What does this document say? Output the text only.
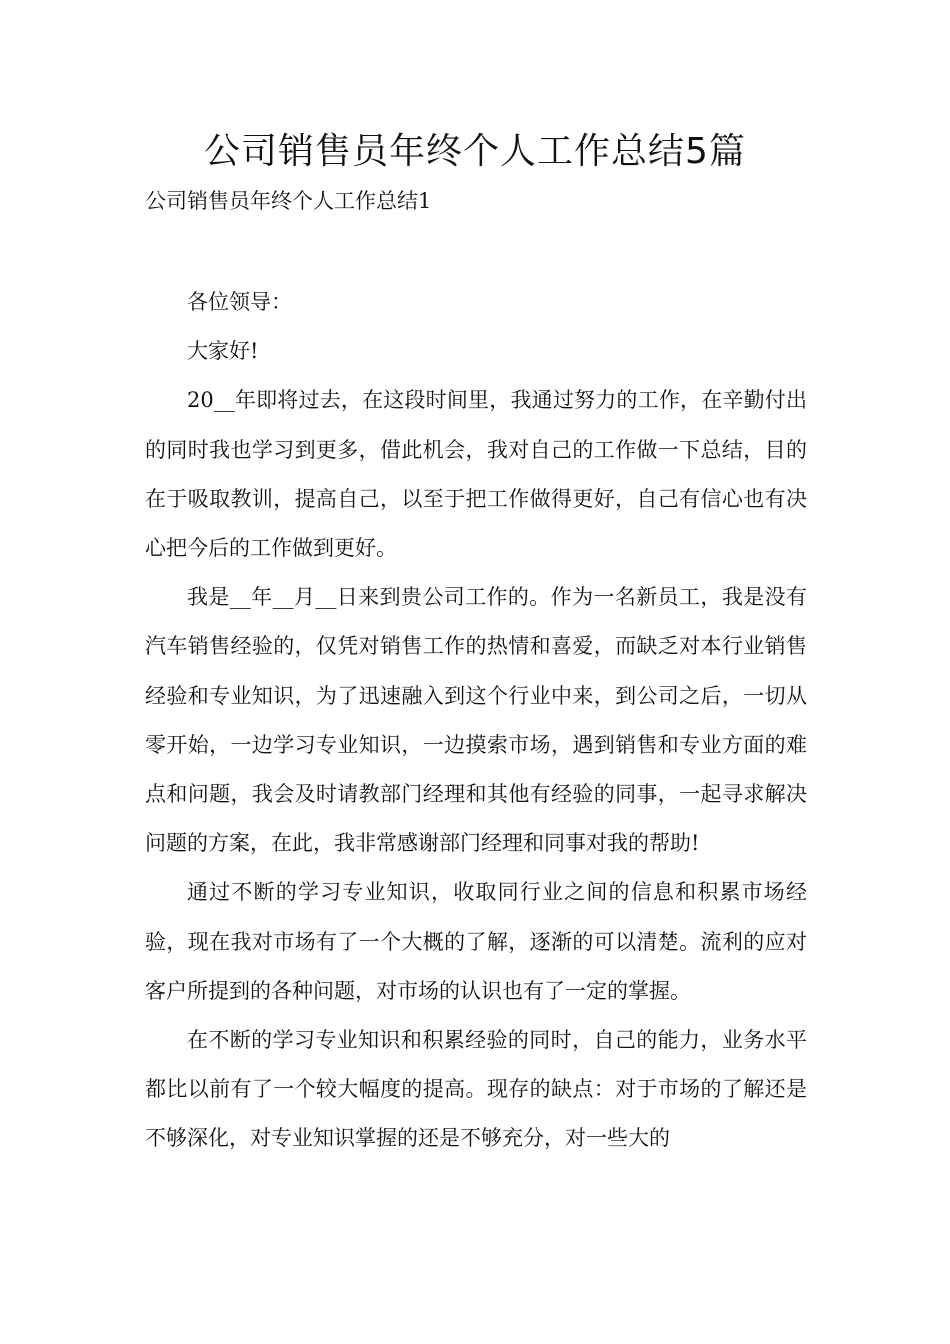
公司销售员年终个人工作总结5篇
公司销售员年终个人工作总结1

各位领导：

大家好!

20__年即将过去，在这段时间里，我通过努力的工作，在辛勤付出的同时我也学习到更多，借此机会，我对自己的工作做一下总结，目的在于吸取教训，提高自己，以至于把工作做得更好，自己有信心也有决心把今后的工作做到更好。

我是__年__月__日来到贵公司工作的。作为一名新员工，我是没有汽车销售经验的，仅凭对销售工作的热情和喜爱，而缺乏对本行业销售经验和专业知识，为了迅速融入到这个行业中来，到公司之后，一切从零开始，一边学习专业知识，一边摸索市场，遇到销售和专业方面的难点和问题，我会及时请教部门经理和其他有经验的同事，一起寻求解决问题的方案，在此，我非常感谢部门经理和同事对我的帮助!

通过不断的学习专业知识，收取同行业之间的信息和积累市场经验，现在我对市场有了一个大概的了解，逐渐的可以清楚。流利的应对客户所提到的各种问题，对市场的认识也有了一定的掌握。

在不断的学习专业知识和积累经验的同时，自己的能力，业务水平都比以前有了一个较大幅度的提高。现存的缺点：对于市场的了解还是不够深化，对专业知识掌握的还是不够充分，对一些大的
